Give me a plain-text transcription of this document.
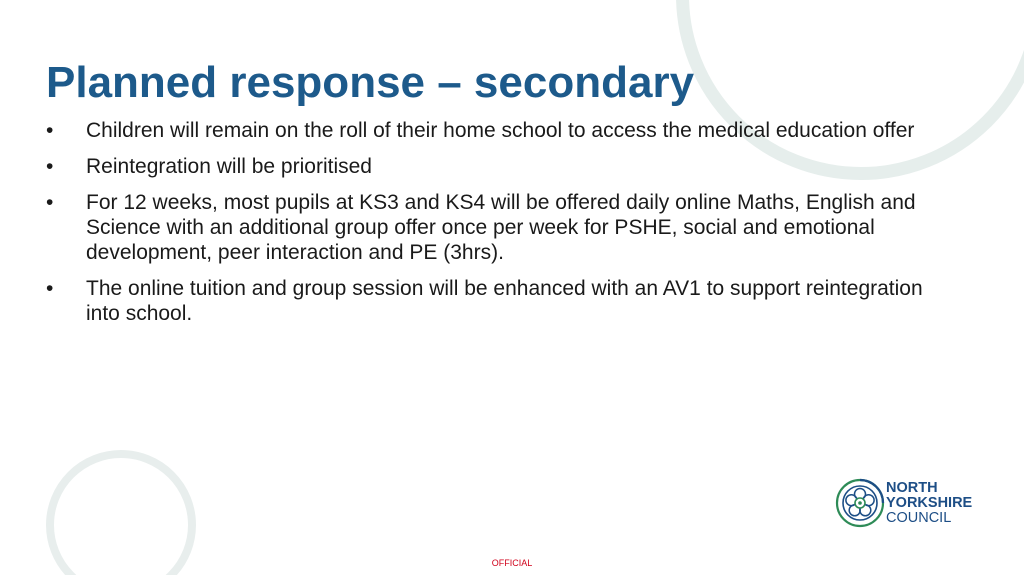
Planned response – secondary
•	Children will remain on the roll of their home school to access the medical education offer
•	Reintegration will be prioritised
•	For 12 weeks, most pupils at KS3 and KS4 will be offered daily online Maths, English and Science with an additional group offer once per week for PSHE, social and emotional development, peer interaction and PE (3hrs).
•	The online tuition and group session will be enhanced with an AV1 to support reintegration into school.
NORTH
YORKSHIRE
COUNCIL
OFFICIAL
